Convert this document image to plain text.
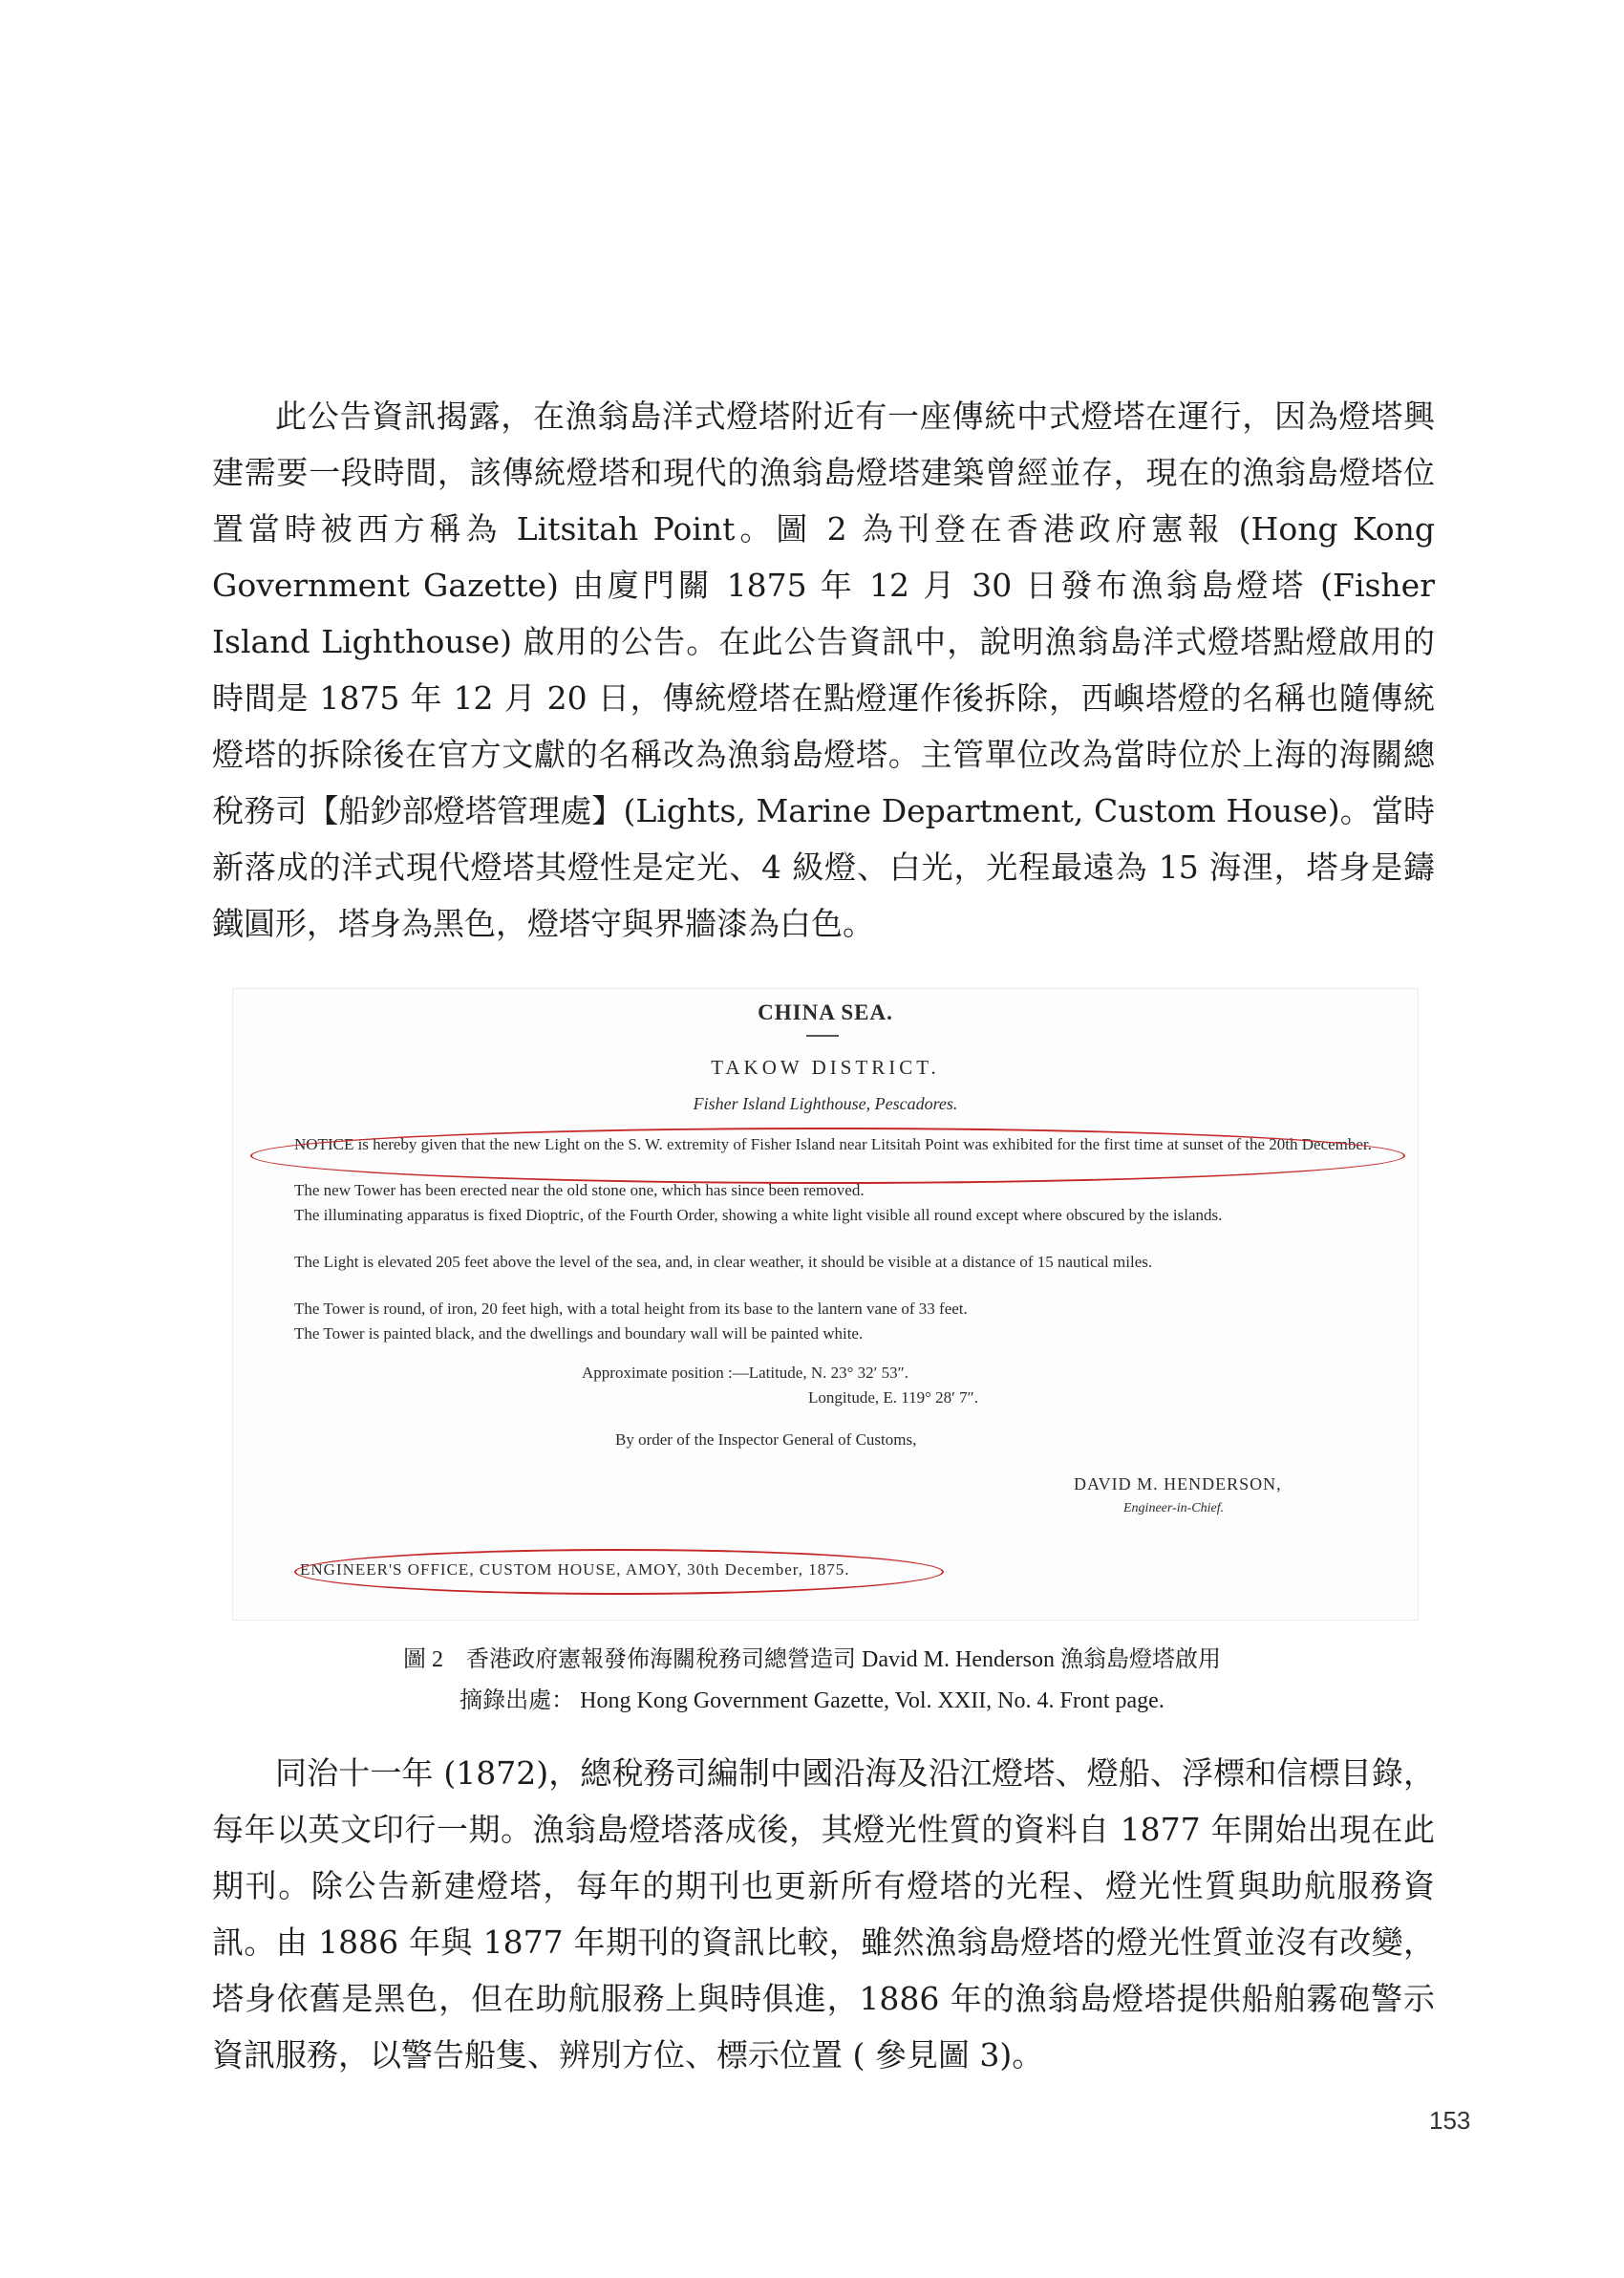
此公告資訊揭露，在漁翁島洋式燈塔附近有一座傳統中式燈塔在運行，因為燈塔興建需要一段時間，該傳統燈塔和現代的漁翁島燈塔建築曾經並存，現在的漁翁島燈塔位置當時被西方稱為 Litsitah Point。圖 2 為刊登在香港政府憲報 (Hong Kong Government Gazette) 由廈門關 1875 年 12 月 30 日發布漁翁島燈塔 (Fisher Island Lighthouse) 啟用的公告。在此公告資訊中，說明漁翁島洋式燈塔點燈啟用的時間是 1875 年 12 月 20 日，傳統燈塔在點燈運作後拆除，西嶼塔燈的名稱也隨傳統燈塔的拆除後在官方文獻的名稱改為漁翁島燈塔。主管單位改為當時位於上海的海關總稅務司【船鈔部燈塔管理處】(Lights, Marine Department, Custom House)。當時新落成的洋式現代燈塔其燈性是定光、4 級燈、白光，光程最遠為 15 海浬，塔身是鑄鐵圓形，塔身為黑色，燈塔守與界牆漆為白色。

CHINA SEA.
TAKOW DISTRICT.
Fisher Island Lighthouse, Pescadores.

NOTICE is hereby given that the new Light on the S. W. extremity of Fisher Island near Litsitah Point was exhibited for the first time at sunset of the 20th December.

The new Tower has been erected near the old stone one, which has since been removed.

The illuminating apparatus is fixed Dioptric, of the Fourth Order, showing a white light visible all round except where obscured by the islands.

The Light is elevated 205 feet above the level of the sea, and, in clear weather, it should be visible at a distance of 15 nautical miles.

The Tower is round, of iron, 20 feet high, with a total height from its base to the lantern vane of 33 feet.

The Tower is painted black, and the dwellings and boundary wall will be painted white.

Approximate position :—Latitude, N. 23° 32′ 53″.
Longitude, E. 119° 28′ 7″.
By order of the Inspector General of Customs,
DAVID M. HENDERSON,
Engineer-in-Chief.
ENGINEER'S OFFICE, CUSTOM HOUSE, AMOY, 30th December, 1875.
圖 2　香港政府憲報發佈海關稅務司總營造司 David M. Henderson 漁翁島燈塔啟用
摘錄出處： Hong Kong Government Gazette, Vol. XXII, No. 4. Front page.

同治十一年 (1872)，總稅務司編制中國沿海及沿江燈塔、燈船、浮標和信標目錄，每年以英文印行一期。漁翁島燈塔落成後，其燈光性質的資料自 1877 年開始出現在此期刊。除公告新建燈塔，每年的期刊也更新所有燈塔的光程、燈光性質與助航服務資訊。由 1886 年與 1877 年期刊的資訊比較，雖然漁翁島燈塔的燈光性質並沒有改變，塔身依舊是黑色，但在助航服務上與時俱進，1886 年的漁翁島燈塔提供船舶霧砲警示資訊服務，以警告船隻、辨別方位、標示位置 ( 參見圖 3)。

153
